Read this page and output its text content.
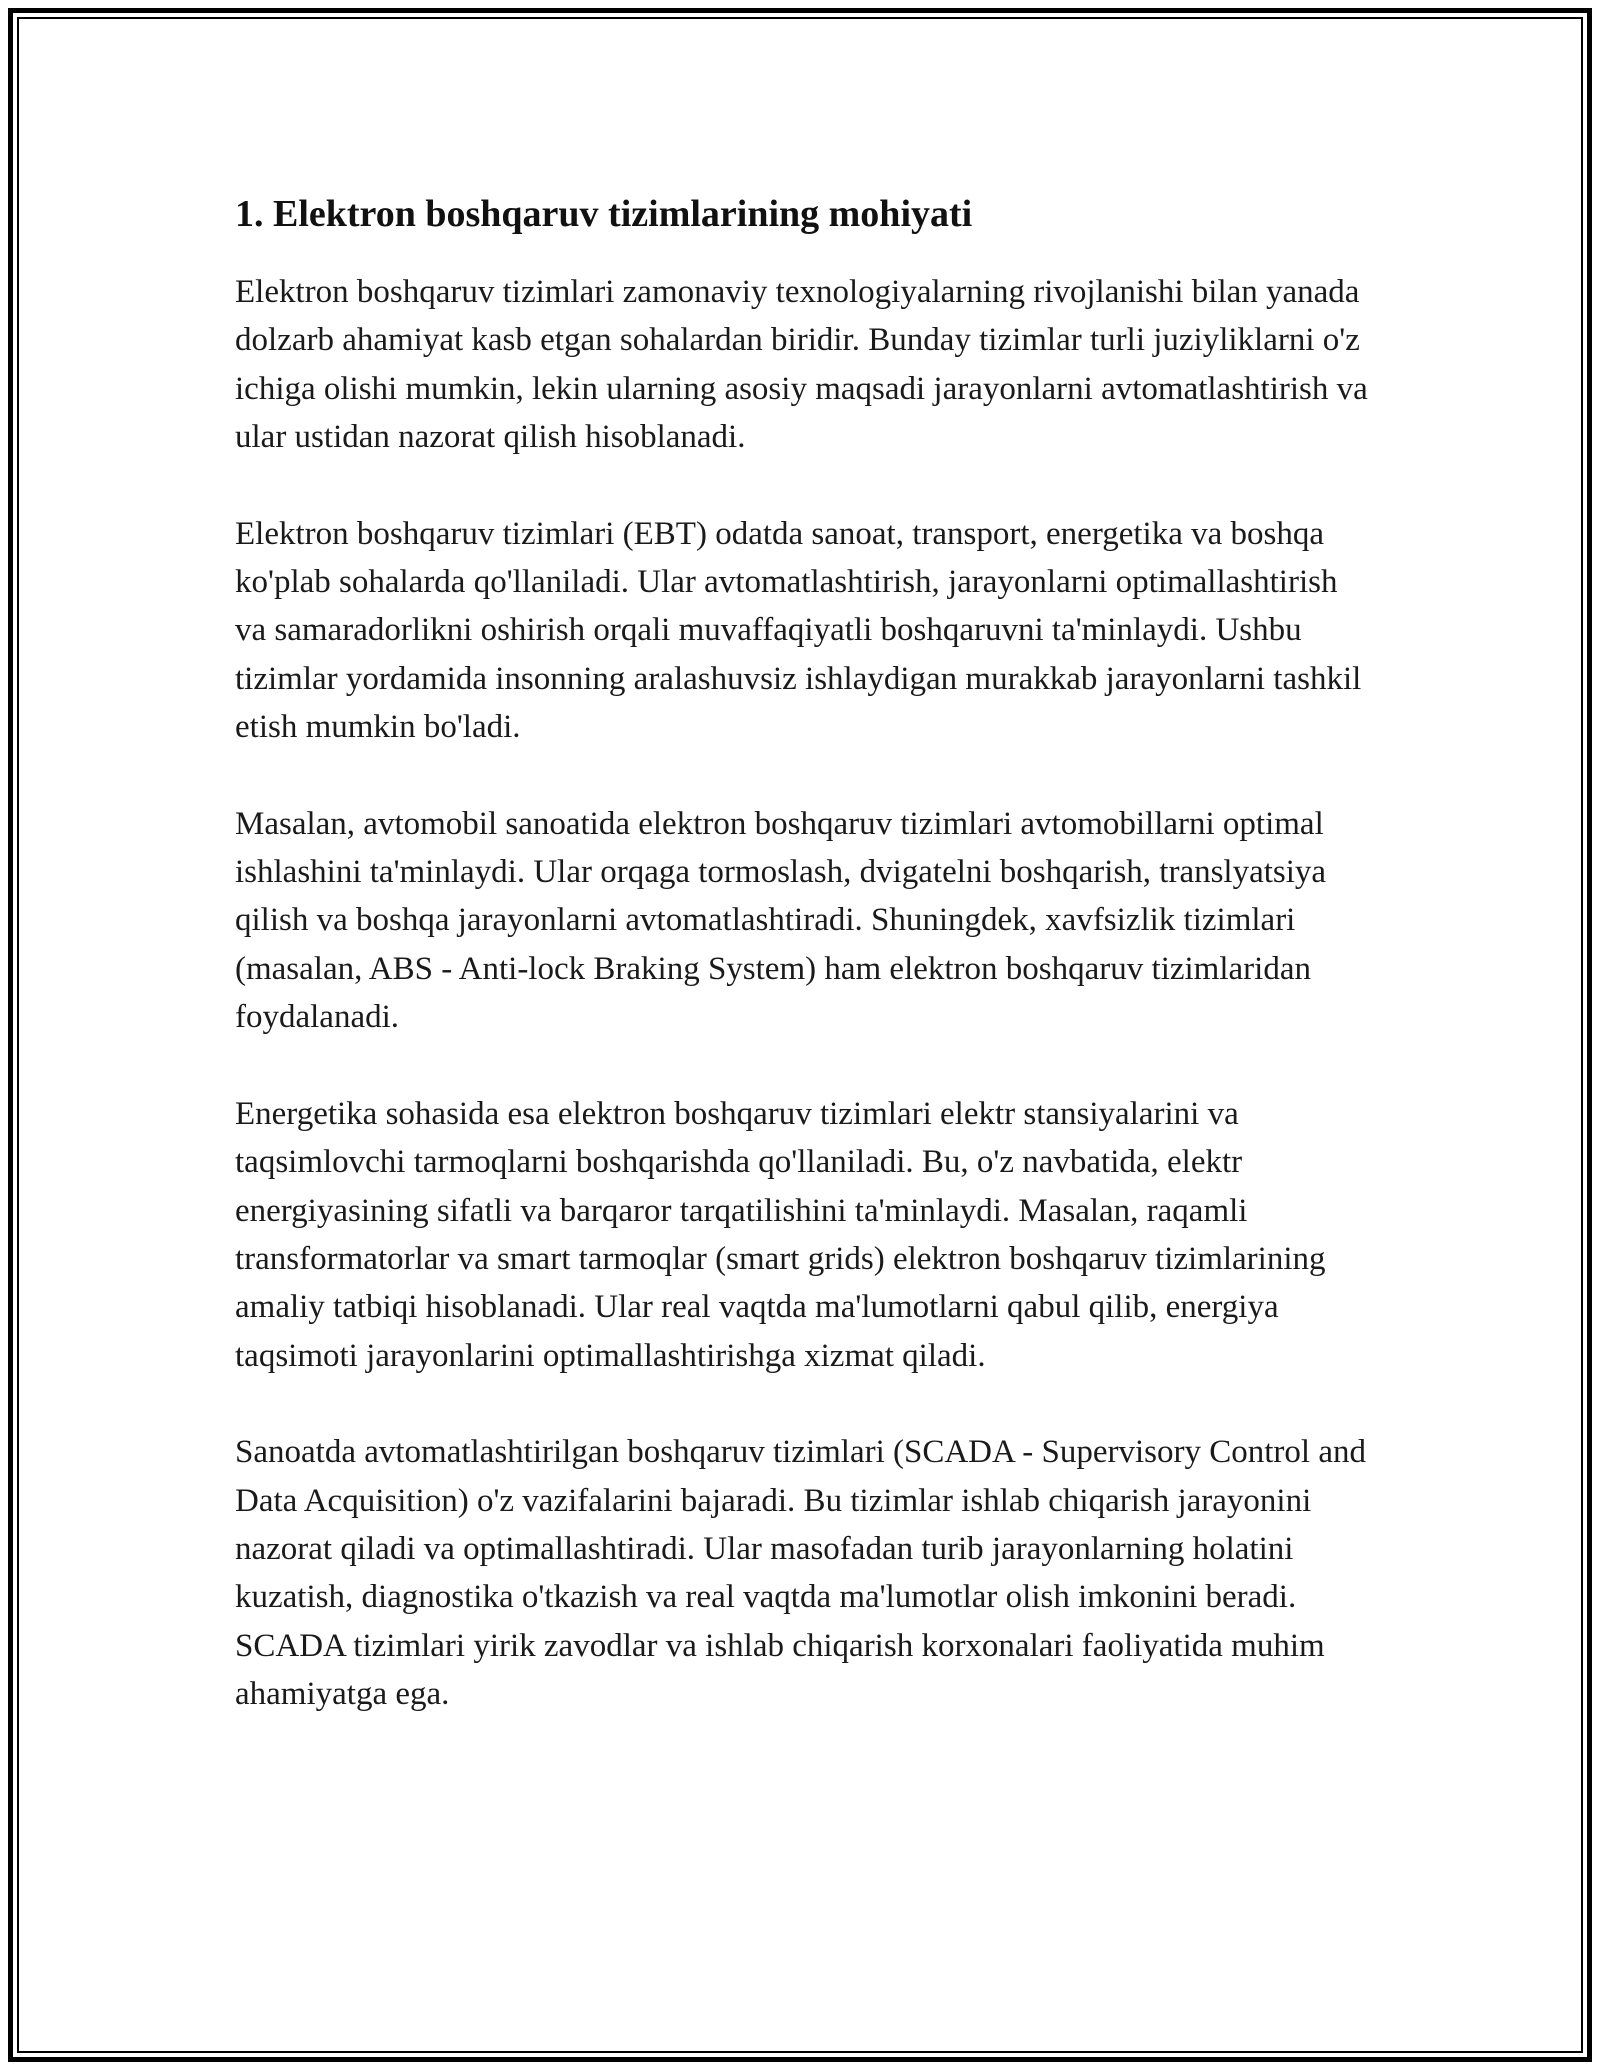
1. Elektron boshqaruv tizimlarining mohiyati

Elektron boshqaruv tizimlari zamonaviy texnologiyalarning rivojlanishi bilan yanada dolzarb ahamiyat kasb etgan sohalardan biridir. Bunday tizimlar turli juziyliklarni o'z ichiga olishi mumkin, lekin ularning asosiy maqsadi jarayonlarni avtomatlashtirish va ular ustidan nazorat qilish hisoblanadi.

Elektron boshqaruv tizimlari (EBT) odatda sanoat, transport, energetika va boshqa ko'plab sohalarda qo'llaniladi. Ular avtomatlashtirish, jarayonlarni optimallashtirish va samaradorlikni oshirish orqali muvaffaqiyatli boshqaruvni ta'minlaydi. Ushbu tizimlar yordamida insonning aralashuvsiz ishlaydigan murakkab jarayonlarni tashkil etish mumkin bo'ladi.

Masalan, avtomobil sanoatida elektron boshqaruv tizimlari avtomobillarni optimal ishlashini ta'minlaydi. Ular orqaga tormoslash, dvigatelni boshqarish, translyatsiya qilish va boshqa jarayonlarni avtomatlashtiradi. Shuningdek, xavfsizlik tizimlari (masalan, ABS - Anti-lock Braking System) ham elektron boshqaruv tizimlaridan foydalanadi.

Energetika sohasida esa elektron boshqaruv tizimlari elektr stansiyalarini va taqsimlovchi tarmoqlarni boshqarishda qo'llaniladi. Bu, o'z navbatida, elektr energiyasining sifatli va barqaror tarqatilishini ta'minlaydi. Masalan, raqamli transformatorlar va smart tarmoqlar (smart grids) elektron boshqaruv tizimlarining amaliy tatbiqi hisoblanadi. Ular real vaqtda ma'lumotlarni qabul qilib, energiya taqsimoti jarayonlarini optimallashtirishga xizmat qiladi.

Sanoatda avtomatlashtirilgan boshqaruv tizimlari (SCADA - Supervisory Control and Data Acquisition) o'z vazifalarini bajaradi. Bu tizimlar ishlab chiqarish jarayonini nazorat qiladi va optimallashtiradi. Ular masofadan turib jarayonlarning holatini kuzatish, diagnostika o'tkazish va real vaqtda ma'lumotlar olish imkonini beradi. SCADA tizimlari yirik zavodlar va ishlab chiqarish korxonalari faoliyatida muhim ahamiyatga ega.
